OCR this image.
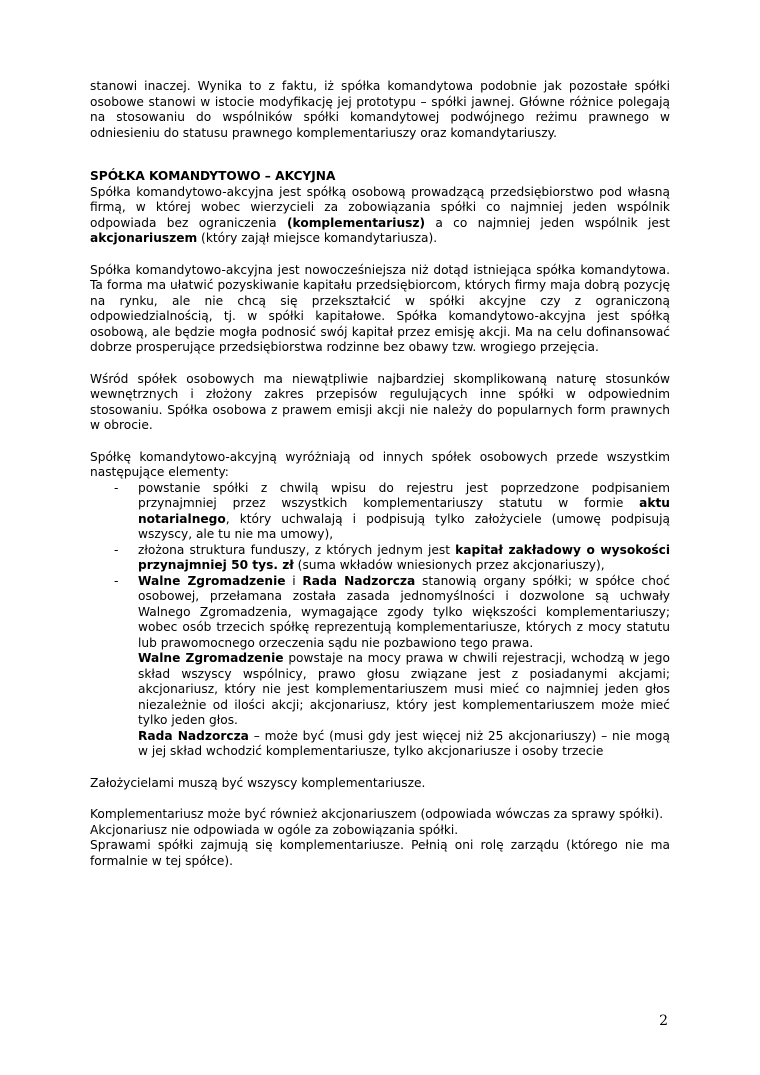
stanowi inaczej. Wynika to z faktu, iż spółka komandytowa podobnie jak pozostałe spółki osobowe stanowi w istocie modyfikację jej prototypu – spółki jawnej. Główne różnice polegają na stosowaniu do wspólników spółki komandytowej podwójnego reżimu prawnego w odniesieniu do statusu prawnego komplementariuszy oraz komandytariuszy.

SPÓŁKA KOMANDYTOWO – AKCYJNA

Spółka komandytowo-akcyjna jest spółką osobową prowadzącą przedsiębiorstwo pod własną firmą, w której wobec wierzycieli za zobowiązania spółki co najmniej jeden wspólnik odpowiada bez ograniczenia (komplementariusz) a co najmniej jeden wspólnik jest akcjonariuszem (który zajął miejsce komandytariusza).

Spółka komandytowo-akcyjna jest nowocześniejsza niż dotąd istniejąca spółka komandytowa. Ta forma ma ułatwić pozyskiwanie kapitału przedsiębiorcom, których firmy maja dobrą pozycję na rynku, ale nie chcą się przekształcić w spółki akcyjne czy z ograniczoną odpowiedzialnością, tj. w spółki kapitałowe. Spółka komandytowo-akcyjna jest spółką osobową, ale będzie mogła podnosić swój kapitał przez emisję akcji. Ma na celu dofinansować dobrze prosperujące przedsiębiorstwa rodzinne bez obawy tzw. wrogiego przejęcia.

Wśród spółek osobowych ma niewątpliwie najbardziej skomplikowaną naturę stosunków wewnętrznych i złożony zakres przepisów regulujących inne spółki w odpowiednim stosowaniu. Spółka osobowa z prawem emisji akcji nie należy do popularnych form prawnych w obrocie.

Spółkę komandytowo-akcyjną wyróżniają od innych spółek osobowych przede wszystkim następujące elementy:

- powstanie spółki z chwilą wpisu do rejestru jest poprzedzone podpisaniem przynajmniej przez wszystkich komplementariuszy statutu w formie aktu notarialnego, który uchwalają i podpisują tylko założyciele (umowę podpisują wszyscy, ale tu nie ma umowy),
- złożona struktura funduszy, z których jednym jest kapitał zakładowy o wysokości przynajmniej 50 tys. zł (suma wkładów wniesionych przez akcjonariuszy),
- Walne Zgromadzenie i Rada Nadzorcza stanowią organy spółki; w spółce choć osobowej, przełamana została zasada jednomyślności i dozwolone są uchwały Walnego Zgromadzenia, wymagające zgody tylko większości komplementariuszy; wobec osób trzecich spółkę reprezentują komplementariusze, których z mocy statutu lub prawomocnego orzeczenia sądu nie pozbawiono tego prawa.

Walne Zgromadzenie powstaje na mocy prawa w chwili rejestracji, wchodzą w jego skład wszyscy wspólnicy, prawo głosu związane jest z posiadanymi akcjami; akcjonariusz, który nie jest komplementariuszem musi mieć co najmniej jeden głos niezależnie od ilości akcji; akcjonariusz, który jest komplementariuszem może mieć tylko jeden głos.

Rada Nadzorcza – może być (musi gdy jest więcej niż 25 akcjonariuszy) – nie mogą w jej skład wchodzić komplementariusze, tylko akcjonariusze i osoby trzecie

Założycielami muszą być wszyscy komplementariusze.

Komplementariusz może być również akcjonariuszem (odpowiada wówczas za sprawy spółki).

Akcjonariusz nie odpowiada w ogóle za zobowiązania spółki.

Sprawami spółki zajmują się komplementariusze. Pełnią oni rolę zarządu (którego nie ma formalnie w tej spółce).

2
